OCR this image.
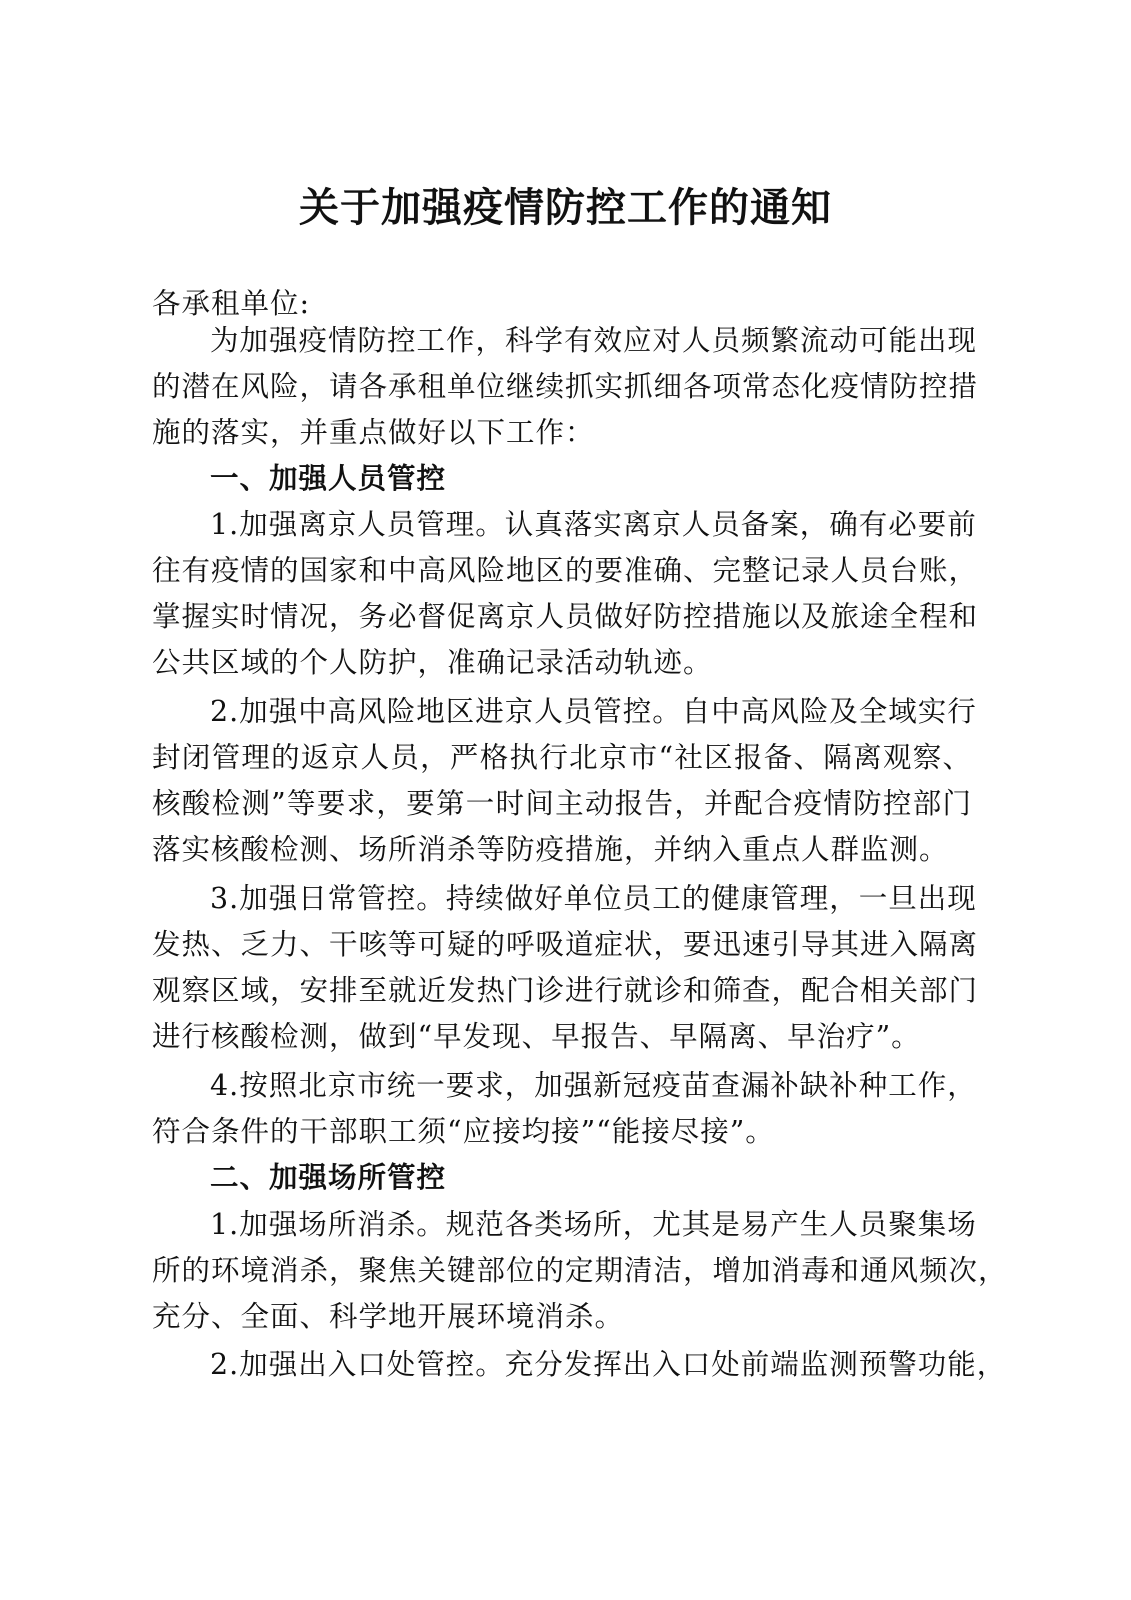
关于加强疫情防控工作的通知
各承租单位:
为加强疫情防控工作，科学有效应对人员频繁流动可能出现
的潜在风险，请各承租单位继续抓实抓细各项常态化疫情防控措
施的落实，并重点做好以下工作：
一、加强人员管控
1.加强离京人员管理。认真落实离京人员备案，确有必要前
往有疫情的国家和中高风险地区的要准确、完整记录人员台账，
掌握实时情况，务必督促离京人员做好防控措施以及旅途全程和
公共区域的个人防护，准确记录活动轨迹。
2.加强中高风险地区进京人员管控。自中高风险及全域实行
封闭管理的返京人员，严格执行北京市“社区报备、隔离观察、
核酸检测”等要求，要第一时间主动报告，并配合疫情防控部门
落实核酸检测、场所消杀等防疫措施，并纳入重点人群监测。
3.加强日常管控。持续做好单位员工的健康管理，一旦出现
发热、乏力、干咳等可疑的呼吸道症状，要迅速引导其进入隔离
观察区域，安排至就近发热门诊进行就诊和筛查，配合相关部门
进行核酸检测，做到“早发现、早报告、早隔离、早治疗”。
4.按照北京市统一要求，加强新冠疫苗查漏补缺补种工作，
符合条件的干部职工须“应接均接”“能接尽接”。
二、加强场所管控
1.加强场所消杀。规范各类场所，尤其是易产生人员聚集场
所的环境消杀，聚焦关键部位的定期清洁，增加消毒和通风频次，
充分、全面、科学地开展环境消杀。
2.加强出入口处管控。充分发挥出入口处前端监测预警功能，
